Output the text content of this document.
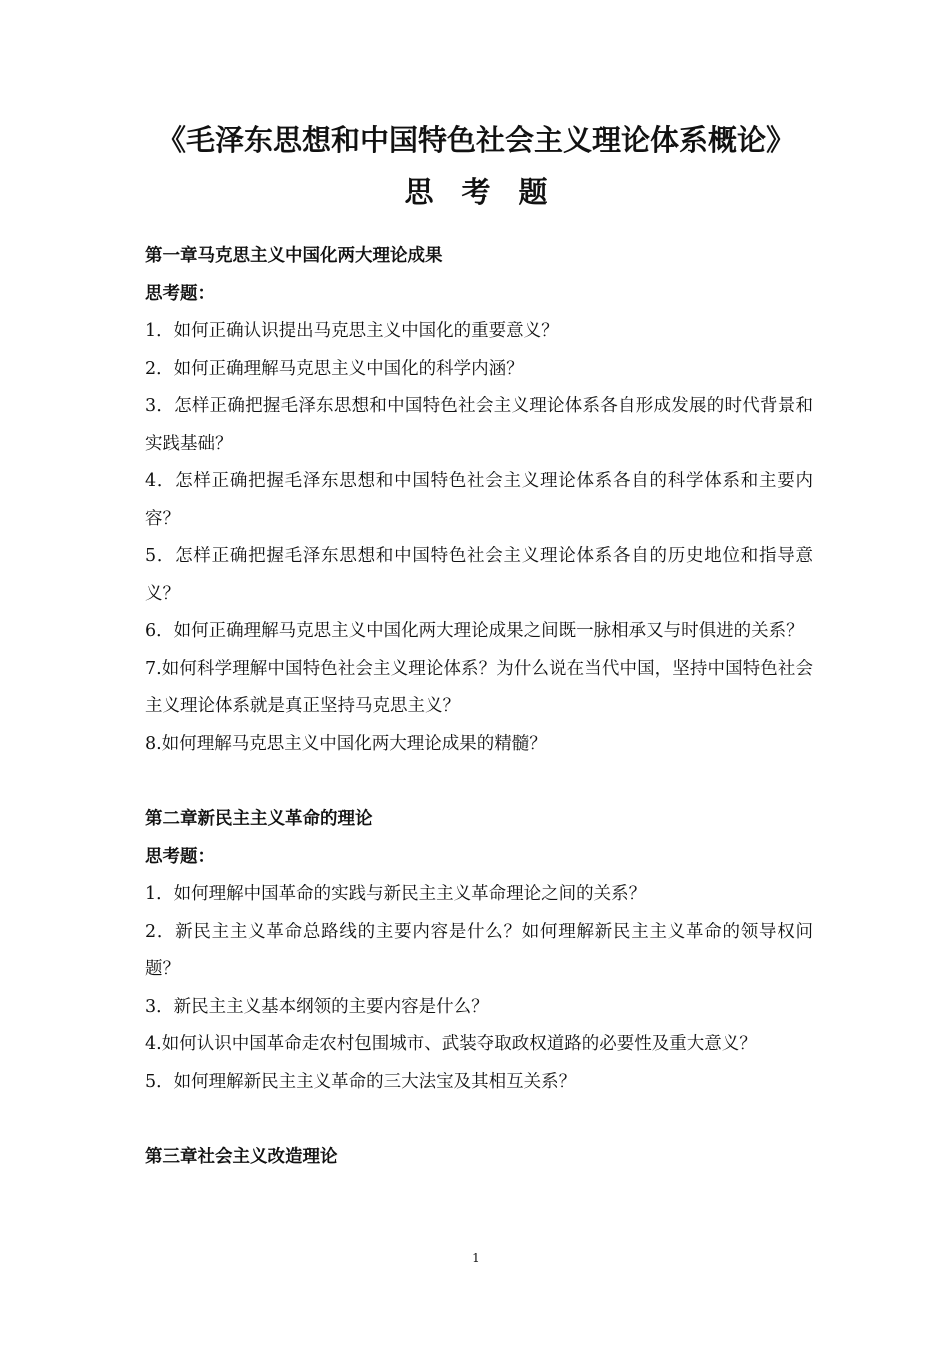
《毛泽东思想和中国特色社会主义理论体系概论》
思考题

第一章马克思主义中国化两大理论成果

思考题：

1．如何正确认识提出马克思主义中国化的重要意义？
2．如何正确理解马克思主义中国化的科学内涵？
3．怎样正确把握毛泽东思想和中国特色社会主义理论体系各自形成发展的时代背景和实践基础？
4．怎样正确把握毛泽东思想和中国特色社会主义理论体系各自的科学体系和主要内容？
5．怎样正确把握毛泽东思想和中国特色社会主义理论体系各自的历史地位和指导意义？
6．如何正确理解马克思主义中国化两大理论成果之间既一脉相承又与时俱进的关系？
7.如何科学理解中国特色社会主义理论体系？为什么说在当代中国，坚持中国特色社会主义理论体系就是真正坚持马克思主义？
8.如何理解马克思主义中国化两大理论成果的精髓？

第二章新民主主义革命的理论

思考题：

1．如何理解中国革命的实践与新民主主义革命理论之间的关系？
2．新民主主义革命总路线的主要内容是什么？如何理解新民主主义革命的领导权问题？
3．新民主主义基本纲领的主要内容是什么？
4.如何认识中国革命走农村包围城市、武装夺取政权道路的必要性及重大意义？
5．如何理解新民主主义革命的三大法宝及其相互关系？

第三章社会主义改造理论

1
